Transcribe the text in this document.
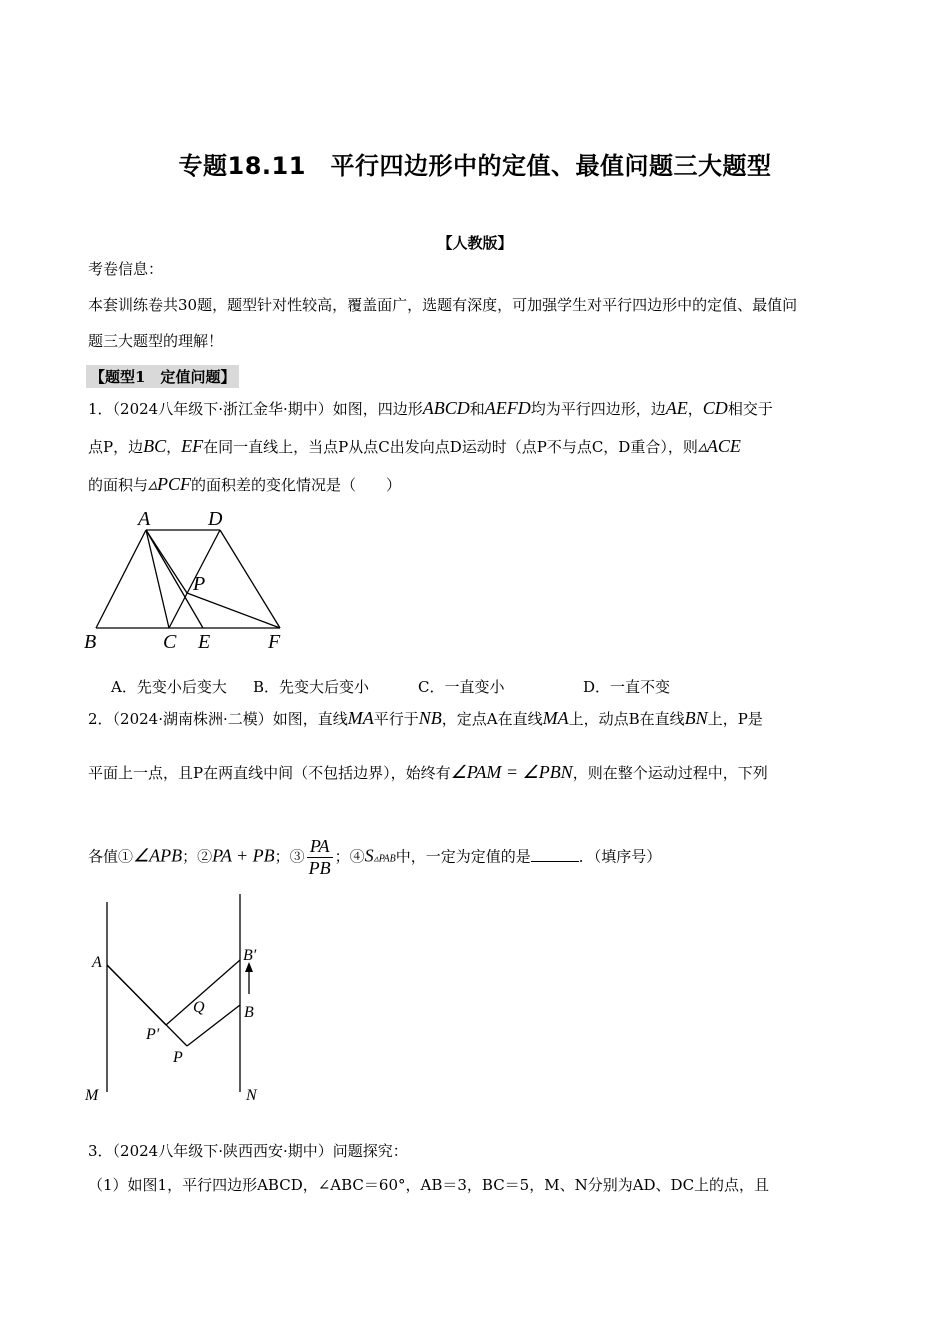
专题18.11　平行四边形中的定值、最值问题三大题型
【人教版】
考卷信息：
本套训练卷共30题，题型针对性较高，覆盖面广，选题有深度，可加强学生对平行四边形中的定值、最值问
题三大题型的理解！
【题型1　定值问题】
1．（2024八年级下·浙江金华·期中）如图，四边形ABCD和AEFD均为平行四边形，边AE，CD相交于
点P，边BC，EF在同一直线上，当点P从点C出发向点D运动时（点P不与点C，D重合），则▵ACE
的面积与▵PCF的面积差的变化情况是（　　）
A	D
P
B	C E	F
A．先变小后变大 B．先变大后变小	C．一直变小	D．一直不变
2．（2024·湖南株洲·二模）如图，直线MA平行于NB，定点A在直线MA上，动点B在直线BN上，P是
平面上一点，且P在两直线中间（不包括边界），始终有∠PAM = ∠PBN，则在整个运动过程中，下列
各值①∠APB；②PA + PB；③ $\frac{PA}{PB}$ ；④S▵PAB中，一定为定值的是	．（填序号）
A	B′
Q B
P′
P
M	N
3．（2024八年级下·陕西西安·期中）问题探究：
（1）如图1，平行四边形ABCD，∠ABC＝60°，AB＝3，BC＝5，M、N分别为AD、DC上的点，且
